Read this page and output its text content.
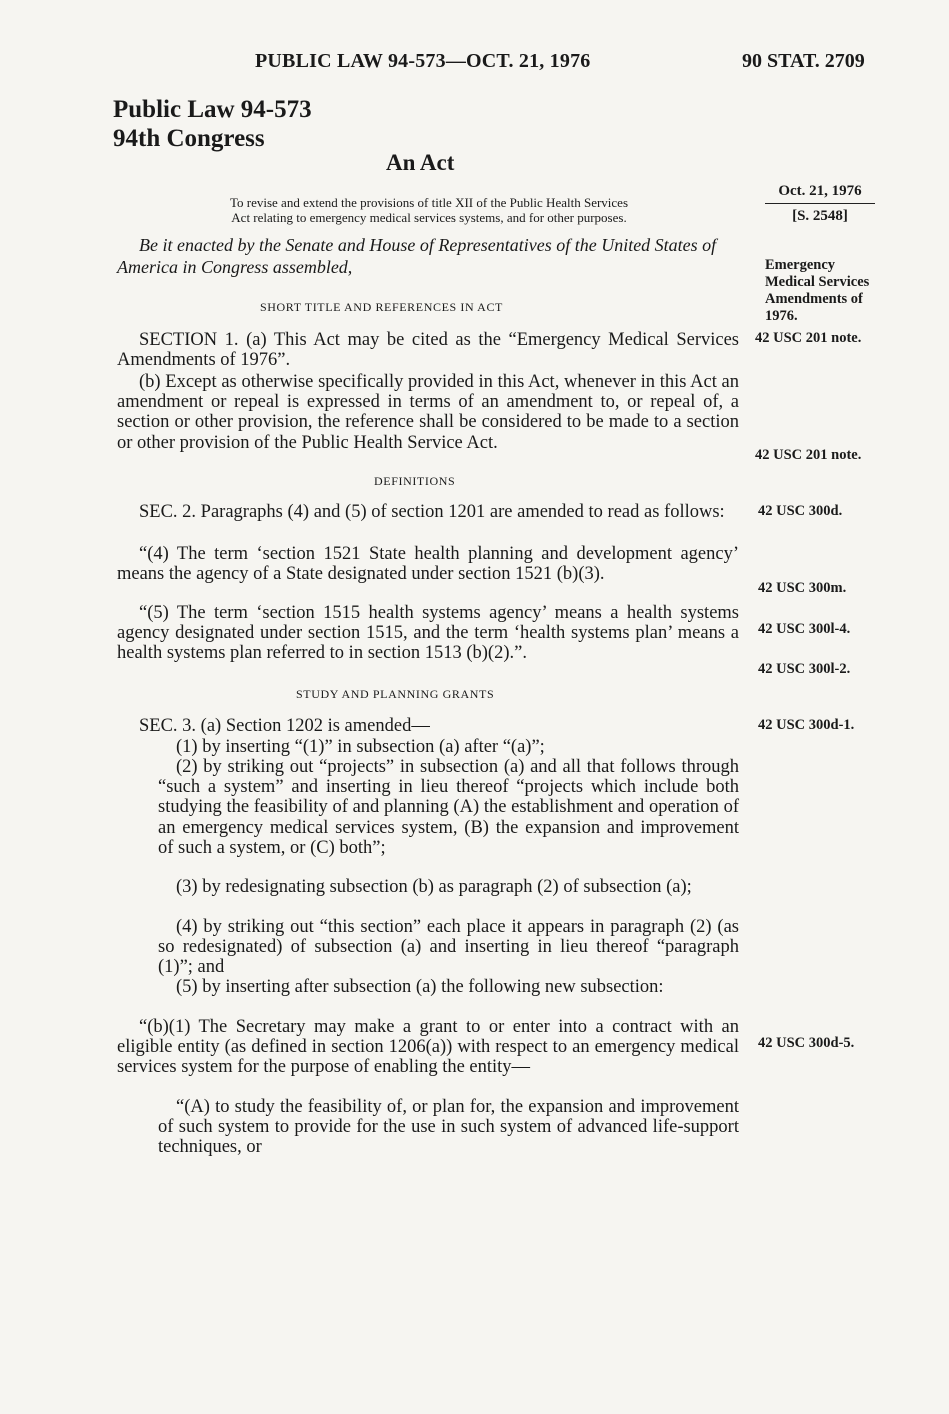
PUBLIC LAW 94-573—OCT. 21, 1976	90 STAT. 2709
Public Law 94-573
94th Congress
An Act
To revise and extend the provisions of title XII of the Public Health Services
Act relating to emergency medical services systems, and for other purposes.
Oct. 21, 1976
[S. 2548]

Be it enacted by the Senate and House of Representatives of the United States of America in Congress assembled,	Emergency
Medical Services
Amendments of
1976.
SHORT TITLE AND REFERENCES IN ACT

SECTION 1. (a) This Act may be cited as the “Emergency Medical Services Amendments of 1976”.

42 USC 201 note.

(b) Except as otherwise specifically provided in this Act, whenever in this Act an amendment or repeal is expressed in terms of an amendment to, or repeal of, a section or other provision, the reference shall be considered to be made to a section or other provision of the Public Health Service Act.

42 USC 201 note.
DEFINITIONS

SEC. 2. Paragraphs (4) and (5) of section 1201 are amended to read as follows:	42 USC 300d.

“(4) The term ‘section 1521 State health planning and development agency’ means the agency of a State designated under section 1521 (b)(3).

42 USC 300m.

“(5) The term ‘section 1515 health systems agency’ means a health systems agency designated under section 1515, and the term ‘health systems plan’ means a health systems plan referred to in section 1513 (b)(2).”.

42 USC 300l-4.
42 USC 300l-2.
STUDY AND PLANNING GRANTS

SEC. 3. (a) Section 1202 is amended—	42 USC 300d-1.

(1) by inserting “(1)” in subsection (a) after “(a)”;

(2) by striking out “projects” in subsection (a) and all that follows through “such a system” and inserting in lieu thereof “projects which include both studying the feasibility of and planning (A) the establishment and operation of an emergency medical services system, (B) the expansion and improvement of such a system, or (C) both”;

(3) by redesignating subsection (b) as paragraph (2) of subsection (a);

(4) by striking out “this section” each place it appears in paragraph (2) (as so redesignated) of subsection (a) and inserting in lieu thereof “paragraph (1)”; and

(5) by inserting after subsection (a) the following new subsection:

“(b)(1) The Secretary may make a grant to or enter into a contract with an eligible entity (as defined in section 1206(a)) with respect to an emergency medical services system for the purpose of enabling the entity—

42 USC 300d-5.

“(A) to study the feasibility of, or plan for, the expansion and improvement of such system to provide for the use in such system of advanced life-support techniques, or
